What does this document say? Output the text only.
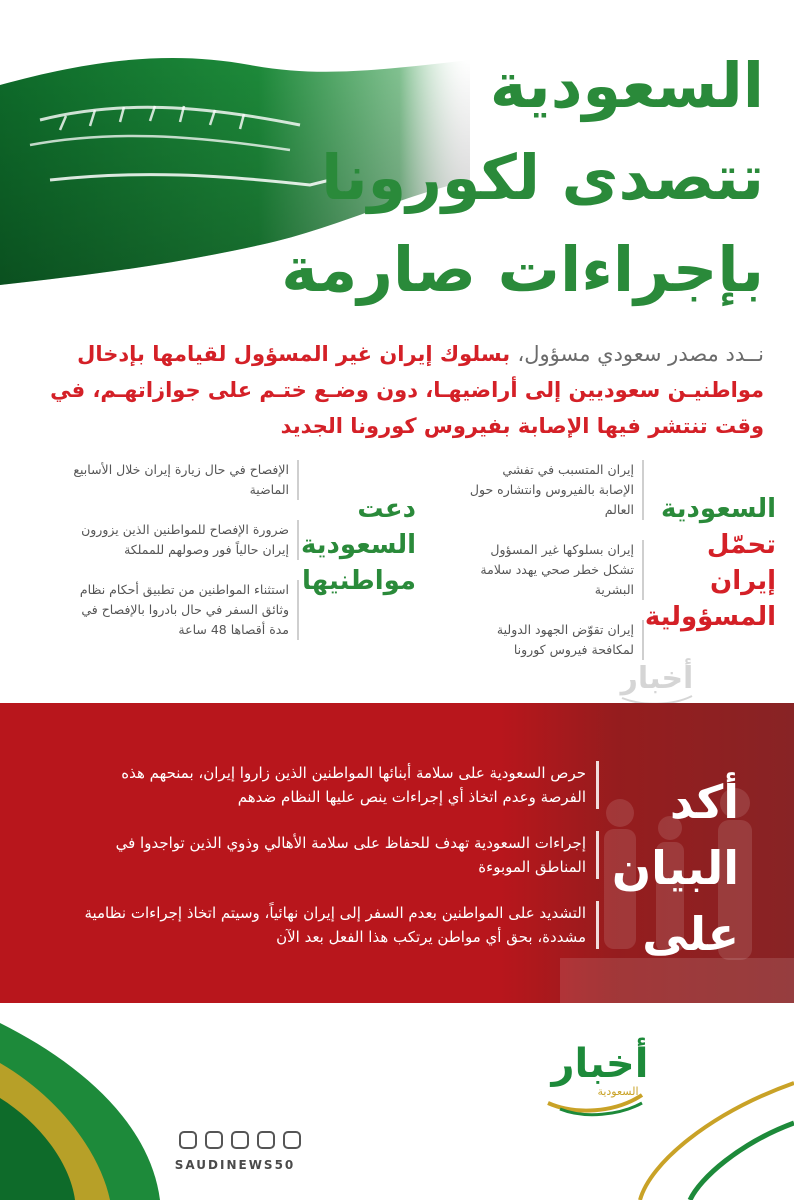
السعودية
تتصدى لكورونا
بإجراءات صارمة

نــدد مصدر سعودي مسؤول، بسلوك إيران غير المسؤول لقيامها بإدخال مواطنيـن سعوديين إلى أراضيهـا، دون وضـع ختـم على جوازاتهـم، في وقت تنتشر فيها الإصابة بفيروس كورونا الجديد

السعودية
تحمّل إيران
المسؤولية
إيران المتسبب في تفشي الإصابة بالفيروس وانتشاره حول العالم
إيران بسلوكها غير المسؤول تشكل خطر صحي يهدد سلامة البشرية
إيران تقوّض الجهود الدولية لمكافحة فيروس كورونا
دعت
السعودية
مواطنيها
الإفصاح في حال زيارة إيران خلال الأسابيع الماضية
ضرورة الإفصاح للمواطنين الذين يزورون إيران حالياً فور وصولهم للمملكة
استثناء المواطنين من تطبيق أحكام نظام وثائق السفر في حال بادروا بالإفصاح في مدة أقصاها 48 ساعة
أخبار
أكد
البيان
على
حرص السعودية على سلامة أبنائها المواطنين الذين زاروا إيران، بمنحهم هذه الفرصة وعدم اتخاذ أي إجراءات ينص عليها النظام ضدهم
إجراءات السعودية تهدف للحفاظ على سلامة الأهالي وذوي الذين تواجدوا في المناطق الموبوءة
التشديد على المواطنين بعدم السفر إلى إيران نهائياً، وسيتم اتخاذ إجراءات نظامية مشددة، بحق أي مواطن يرتكب هذا الفعل بعد الآن
أخبار
السعودية
SAUDINEWS50
